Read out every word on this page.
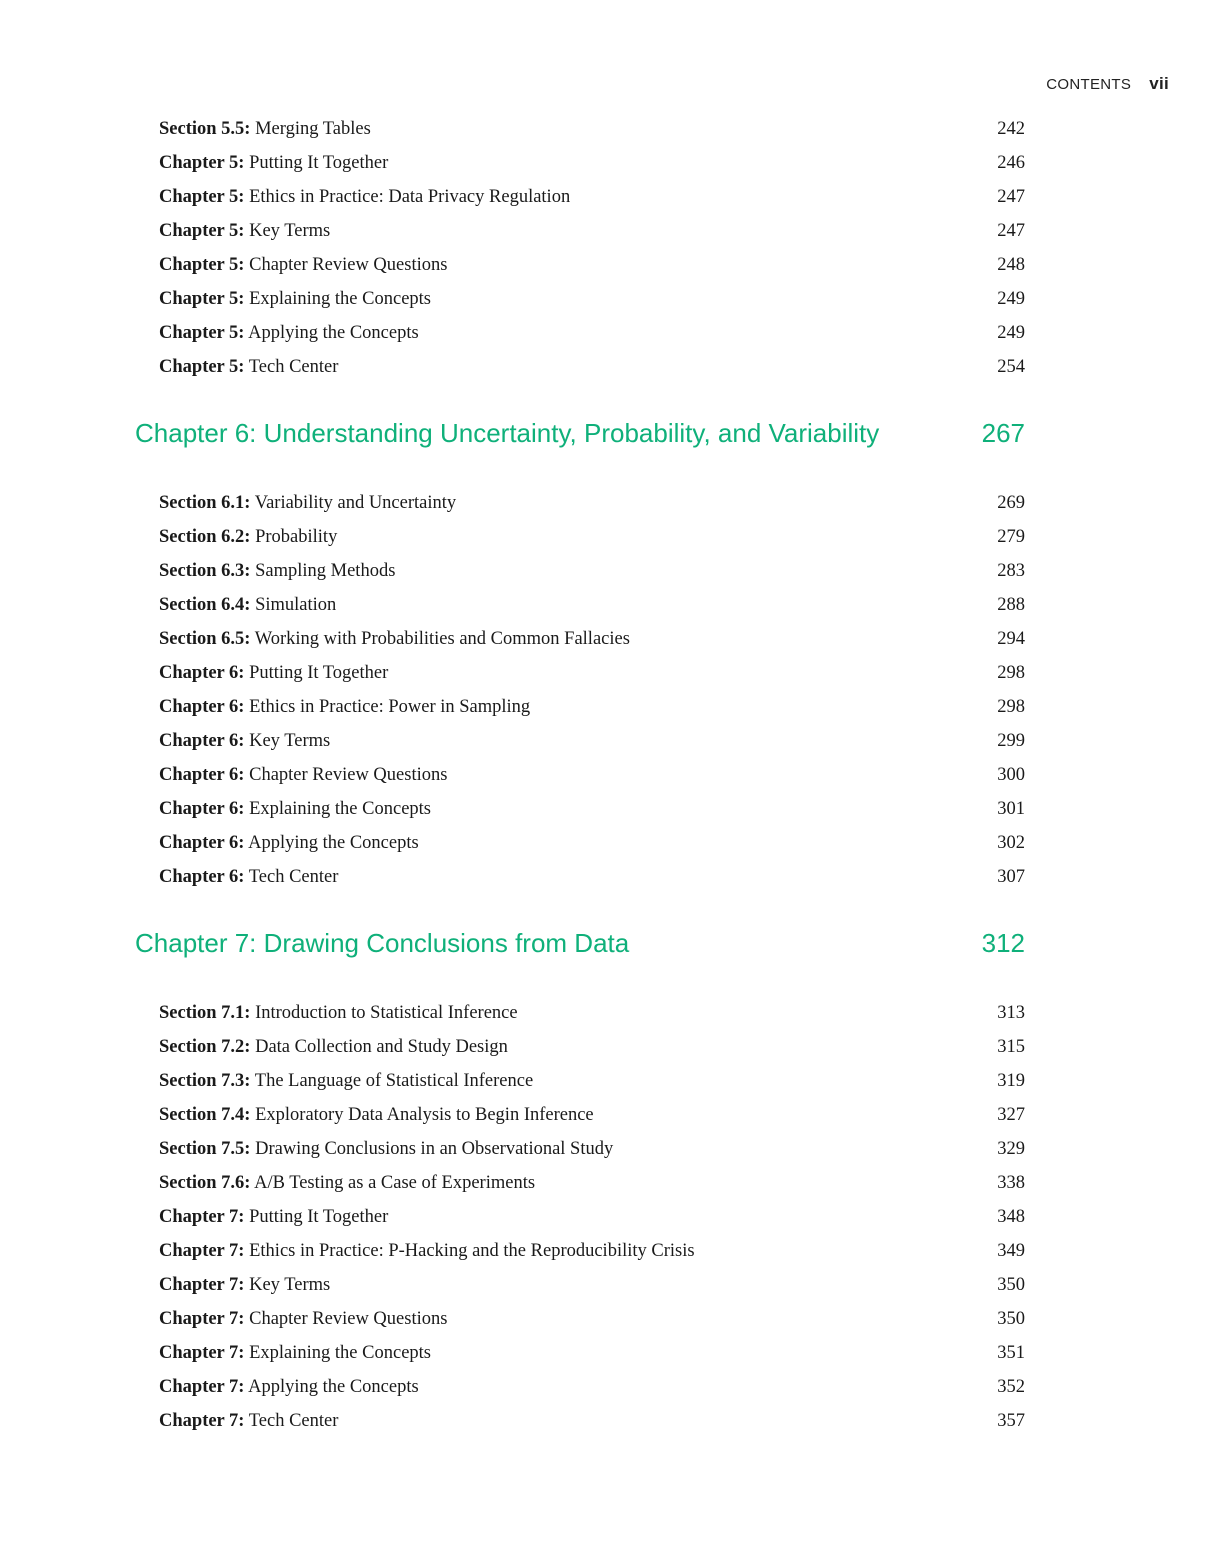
CONTENTS vii
Section 5.5: Merging Tables	242
Chapter 5: Putting It Together	246
Chapter 5: Ethics in Practice: Data Privacy Regulation	247
Chapter 5: Key Terms	247
Chapter 5: Chapter Review Questions	248
Chapter 5: Explaining the Concepts	249
Chapter 5: Applying the Concepts	249
Chapter 5: Tech Center	254
Chapter 6: Understanding Uncertainty, Probability, and Variability	267
Section 6.1: Variability and Uncertainty	269
Section 6.2: Probability	279
Section 6.3: Sampling Methods	283
Section 6.4: Simulation	288
Section 6.5: Working with Probabilities and Common Fallacies	294
Chapter 6: Putting It Together	298
Chapter 6: Ethics in Practice: Power in Sampling	298
Chapter 6: Key Terms	299
Chapter 6: Chapter Review Questions	300
Chapter 6: Explaining the Concepts	301
Chapter 6: Applying the Concepts	302
Chapter 6: Tech Center	307
Chapter 7: Drawing Conclusions from Data	312
Section 7.1: Introduction to Statistical Inference	313
Section 7.2: Data Collection and Study Design	315
Section 7.3: The Language of Statistical Inference	319
Section 7.4: Exploratory Data Analysis to Begin Inference	327
Section 7.5: Drawing Conclusions in an Observational Study	329
Section 7.6: A/B Testing as a Case of Experiments	338
Chapter 7: Putting It Together	348
Chapter 7: Ethics in Practice: P-Hacking and the Reproducibility Crisis	349
Chapter 7: Key Terms	350
Chapter 7: Chapter Review Questions	350
Chapter 7: Explaining the Concepts	351
Chapter 7: Applying the Concepts	352
Chapter 7: Tech Center	357
